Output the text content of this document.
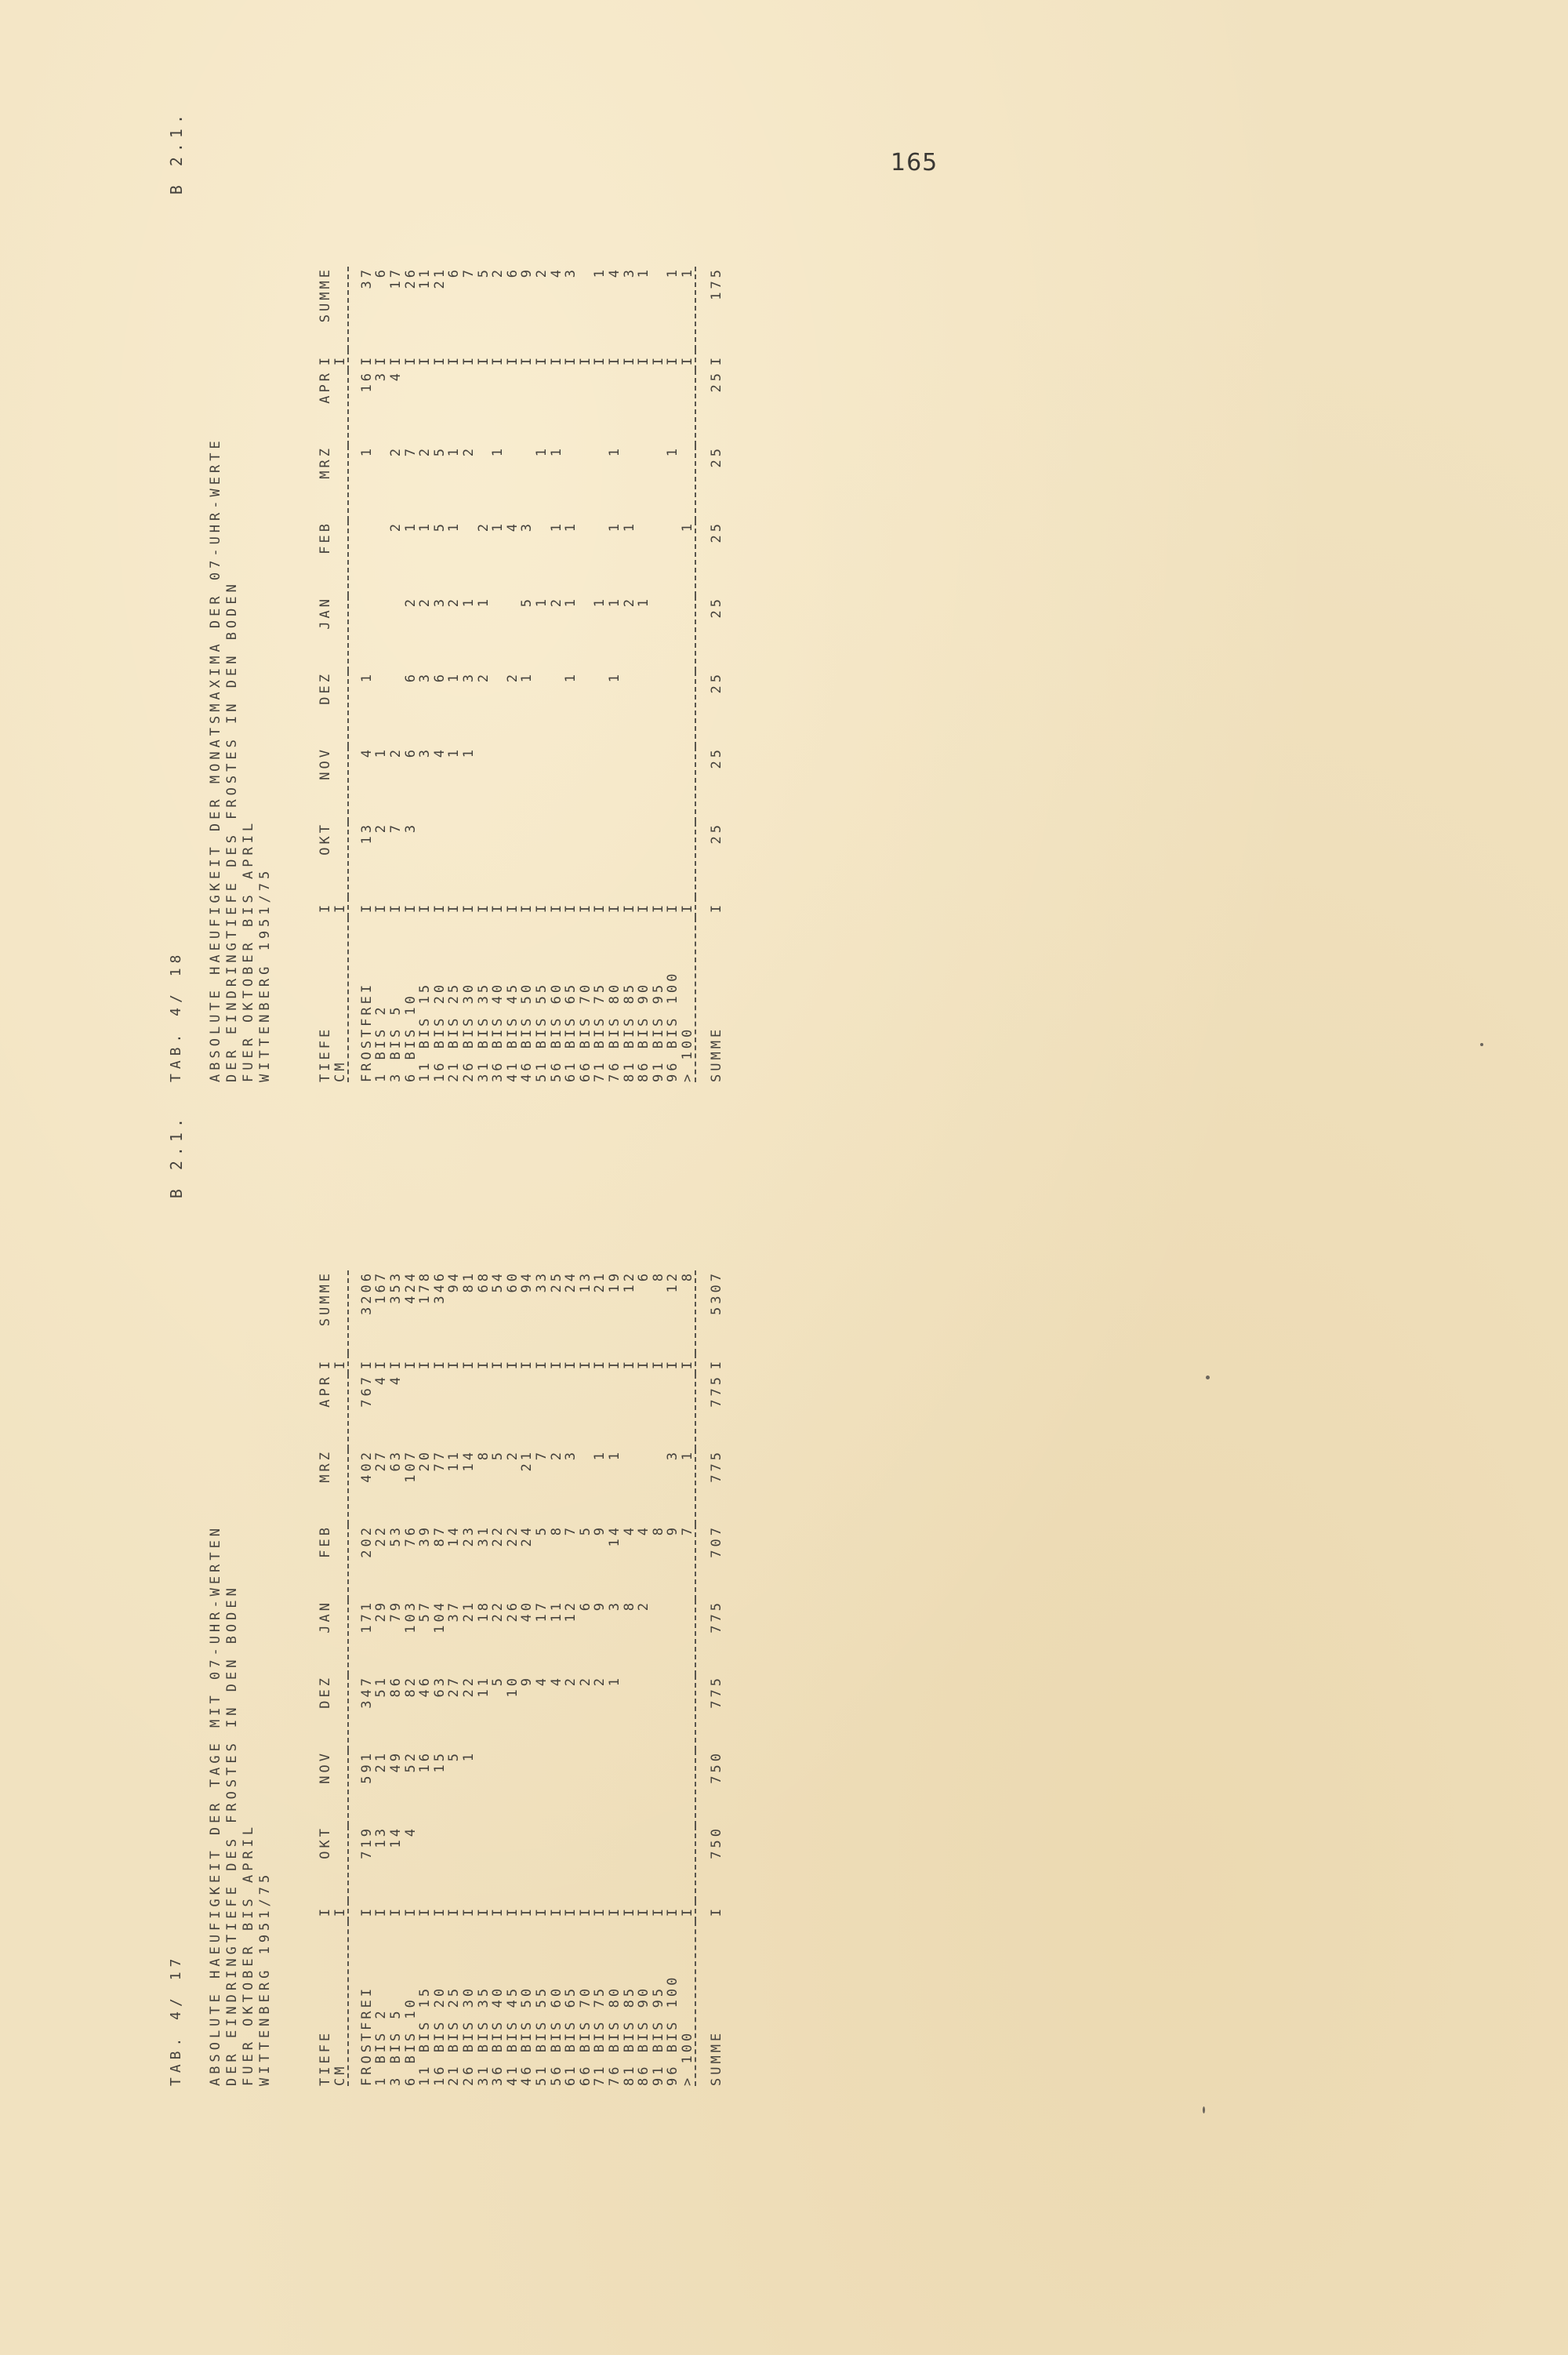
165
TAB. 4/ 17
B 2.1.
ABSOLUTE HAEUFIGKEIT DER TAGE MIT 07-UHR-WERTEN DER EINDRINGTIEFE DES FROSTES IN DEN BODEN FUER OKTOBER BIS APRIL WITTENBERG 1951/75	TIEFE	I	OKT	NOV	DEZ	JAN	FEB	MRZ	APR	I	SUMME
CM	I								I	

FROSTFREI	I	719	591	347	171	202	402	767	I	3206
1 BIS 2	I	13	21	51	29	22	27	4	I	167
3 BIS 5	I	14	49	86	79	53	63	4	I	353
6 BIS 10	I	4	52	82	103	76	107		I	424
11 BIS 15	I		16	46	57	39	20		I	178
16 BIS 20	I		15	63	104	87	77		I	346
21 BIS 25	I		5	27	37	14	11		I	94
26 BIS 30	I		1	22	21	23	14		I	81
31 BIS 35	I			11	18	31	8		I	68
36 BIS 40	I			5	22	22	5		I	54
41 BIS 45	I			10	26	22	2		I	60
46 BIS 50	I			9	40	24	21		I	94
51 BIS 55	I			4	17	5	7		I	33
56 BIS 60	I			4	11	8	2		I	25
61 BIS 65	I			2	12	7	3		I	24
66 BIS 70	I			2	6	5			I	13
71 BIS 75	I			2	9	9	1		I	21
76 BIS 80	I			1	3	14	1		I	19
81 BIS 85	I				8	4			I	12
86 BIS 90	I				2	4			I	6
91 BIS 95	I					8			I	8
96 BIS 100	I					9	3		I	12
> 100	I					7	1		I	8

SUMME	I	750	750	775	775	707	775	775	I	5307
TAB. 4/ 18
B 2.1.
ABSOLUTE HAEUFIGKEIT DER MONATSMAXIMA DER 07-UHR-WERTE DER EINDRINGTIEFE DES FROSTES IN DEN BODEN FUER OKTOBER BIS APRIL WITTENBERG 1951/75	TIEFE	I	OKT	NOV	DEZ	JAN	FEB	MRZ	APR	I	SUMME
CM	I								I	

FROSTFREI	I	13	4	1			1	16	I	37
1 BIS 2	I	2	1					3	I	6
3 BIS 5	I	7	2			2	2	4	I	17
6 BIS 10	I	3	6	6	2	1	7		I	26
11 BIS 15	I		3	3	2	1	2		I	11
16 BIS 20	I		4	6	3	5	5		I	21
21 BIS 25	I		1	1	2	1	1		I	6
26 BIS 30	I		1	3	1		2		I	7
31 BIS 35	I			2	1	2			I	5
36 BIS 40	I					1	1		I	2
41 BIS 45	I			2		4			I	6
46 BIS 50	I			1	5	3			I	9
51 BIS 55	I				1		1		I	2
56 BIS 60	I				2	1	1		I	4
61 BIS 65	I			1	1	1			I	3
66 BIS 70	I								I	
71 BIS 75	I				1				I	1
76 BIS 80	I			1	1	1	1		I	4
81 BIS 85	I				2	1			I	3
86 BIS 90	I				1				I	1
91 BIS 95	I								I	
96 BIS 100	I						1		I	1
> 100	I					1			I	1

SUMME	I	25	25	25	25	25	25	25	I	175
